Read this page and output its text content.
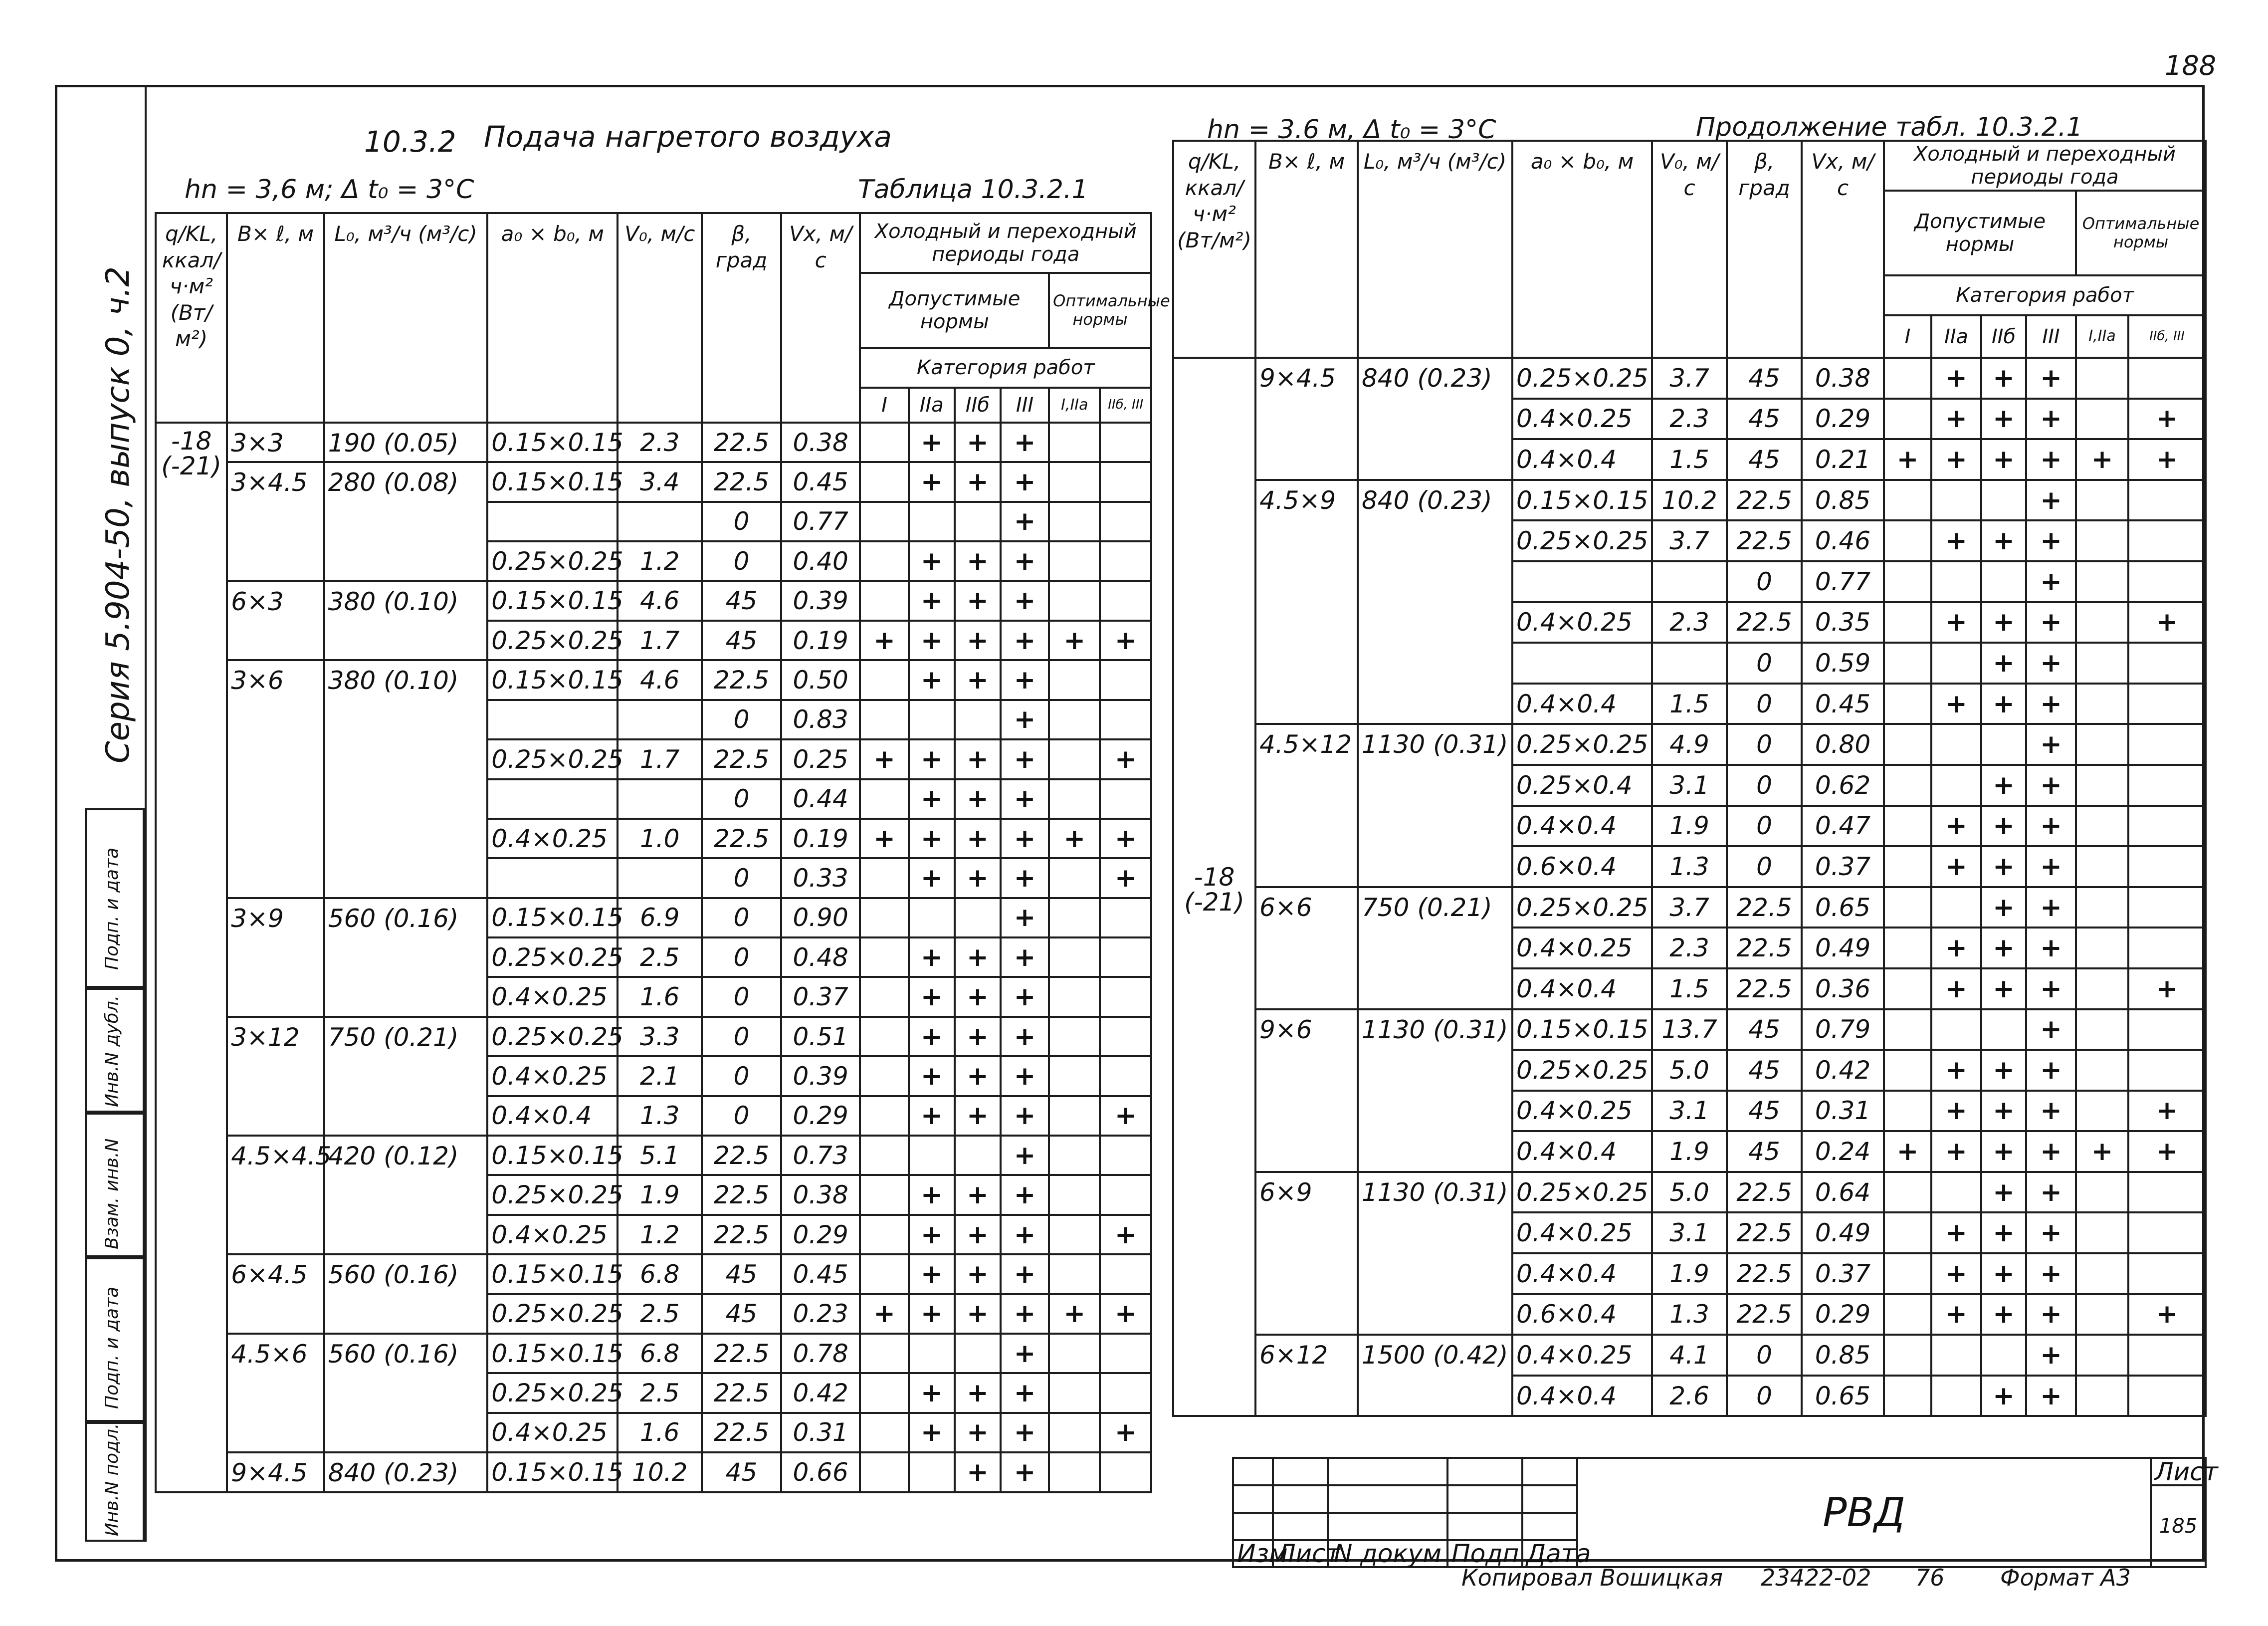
188
Серия 5.904-50, выпуск 0, ч.2
Инв.N подл.
Подп. и дата
Взам. инв.N
Инв.N дубл.
Подп. и дата
10.3.2 Подача нагретого воздуха
hn = 3,6 м; Δ t₀ = 3°C	Таблица 10.3.2.1
q/KL, ккал/ч·м² (Вт/м²)	B× ℓ, м	L₀, м³/ч (м³/с)	a₀ × b₀, м	V₀, м/с	β, град	Vx, м/с	Холодный и переходный периоды года					
							Допустимые нормы				Оптимальные нормы	
							Категория работ					
							I	IIа	IIб	III	I,IIа	IIб, III
-18 (-21)	3×3	190 (0.05)	0.15×0.15	2.3	22.5	0.38		+	+	+		
	3×4.5	280 (0.08)	0.15×0.15	3.4	22.5	0.45		+	+	+		
					0	0.77				+		
			0.25×0.25	1.2	0	0.40		+	+	+		
	6×3	380 (0.10)	0.15×0.15	4.6	45	0.39		+	+	+		
			0.25×0.25	1.7	45	0.19	+	+	+	+	+	+
	3×6	380 (0.10)	0.15×0.15	4.6	22.5	0.50		+	+	+		
					0	0.83				+		
			0.25×0.25	1.7	22.5	0.25	+	+	+	+		+
					0	0.44		+	+	+		
			0.4×0.25	1.0	22.5	0.19	+	+	+	+	+	+
					0	0.33		+	+	+		+
	3×9	560 (0.16)	0.15×0.15	6.9	0	0.90				+		
			0.25×0.25	2.5	0	0.48		+	+	+		
			0.4×0.25	1.6	0	0.37		+	+	+		
	3×12	750 (0.21)	0.25×0.25	3.3	0	0.51		+	+	+		
			0.4×0.25	2.1	0	0.39		+	+	+		
			0.4×0.4	1.3	0	0.29		+	+	+		+
	4.5×4.5	420 (0.12)	0.15×0.15	5.1	22.5	0.73				+		
			0.25×0.25	1.9	22.5	0.38		+	+	+		
			0.4×0.25	1.2	22.5	0.29		+	+	+		+
	6×4.5	560 (0.16)	0.15×0.15	6.8	45	0.45		+	+	+		
			0.25×0.25	2.5	45	0.23	+	+	+	+	+	+
	4.5×6	560 (0.16)	0.15×0.15	6.8	22.5	0.78				+		
			0.25×0.25	2.5	22.5	0.42		+	+	+		
			0.4×0.25	1.6	22.5	0.31		+	+	+		+
	9×4.5	840 (0.23)	0.15×0.15	10.2	45	0.66			+	+		
hn = 3.6 м, Δ t₀ = 3°C	Продолжение табл. 10.3.2.1
q/KL, ккал/ч·м² (Вт/м²)	B× ℓ, м	L₀, м³/ч (м³/с)	a₀ × b₀, м	V₀, м/с	β, град	Vx, м/с	Холодный и переходный периоды года					
							Допустимые нормы				Оптимальные нормы	
							Категория работ					
							I	IIа	IIб	III	I,IIа	IIб, III
-18 (-21)	9×4.5	840 (0.23)	0.25×0.25	3.7	45	0.38		+	+	+		
			0.4×0.25	2.3	45	0.29		+	+	+		+
			0.4×0.4	1.5	45	0.21	+	+	+	+	+	+
	4.5×9	840 (0.23)	0.15×0.15	10.2	22.5	0.85				+		
			0.25×0.25	3.7	22.5	0.46		+	+	+		
					0	0.77				+		
			0.4×0.25	2.3	22.5	0.35		+	+	+		+
					0	0.59			+	+		
			0.4×0.4	1.5	0	0.45		+	+	+		
	4.5×12	1130 (0.31)	0.25×0.25	4.9	0	0.80				+		
			0.25×0.4	3.1	0	0.62			+	+		
			0.4×0.4	1.9	0	0.47		+	+	+		
			0.6×0.4	1.3	0	0.37		+	+	+		
	6×6	750 (0.21)	0.25×0.25	3.7	22.5	0.65			+	+		
			0.4×0.25	2.3	22.5	0.49		+	+	+		
			0.4×0.4	1.5	22.5	0.36		+	+	+		+
	9×6	1130 (0.31)	0.15×0.15	13.7	45	0.79				+		
			0.25×0.25	5.0	45	0.42		+	+	+		
			0.4×0.25	3.1	45	0.31		+	+	+		+
			0.4×0.4	1.9	45	0.24	+	+	+	+	+	+
	6×9	1130 (0.31)	0.25×0.25	5.0	22.5	0.64			+	+		
			0.4×0.25	3.1	22.5	0.49		+	+	+		
			0.4×0.4	1.9	22.5	0.37		+	+	+		
			0.6×0.4	1.3	22.5	0.29		+	+	+		+
	6×12	1500 (0.42)	0.4×0.25	4.1	0	0.85				+		
			0.4×0.4	2.6	0	0.65			+	+		
					РВД	Лист
						185

Изм	Лист	N докум	Подп	Дата		
Копировал Вошицкая 23422-02 76 Формат А3
